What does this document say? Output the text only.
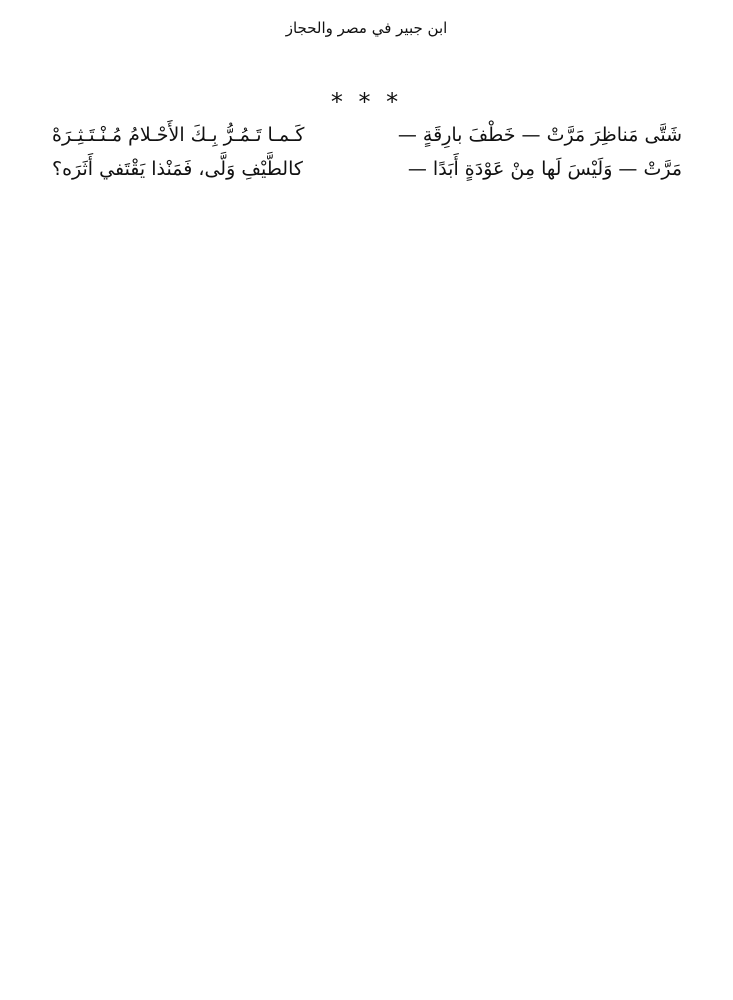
ابن جبير في مصر والحجاز
* * *
شَتَّى مَناظِرَ مَرَّتْ — خَطْفَ بارِقَةٍ —
كَـمـا تَـمُـرُّ بِـكَ الأَحْـلامُ مُـنْـتَـثِـرَهْ
مَرَّتْ — وَلَيْسَ لَها مِنْ عَوْدَةٍ أَبَدًا —
كالطَّيْفِ وَلَّى، فَمَنْذا يَقْتَفي أَثَرَه؟
